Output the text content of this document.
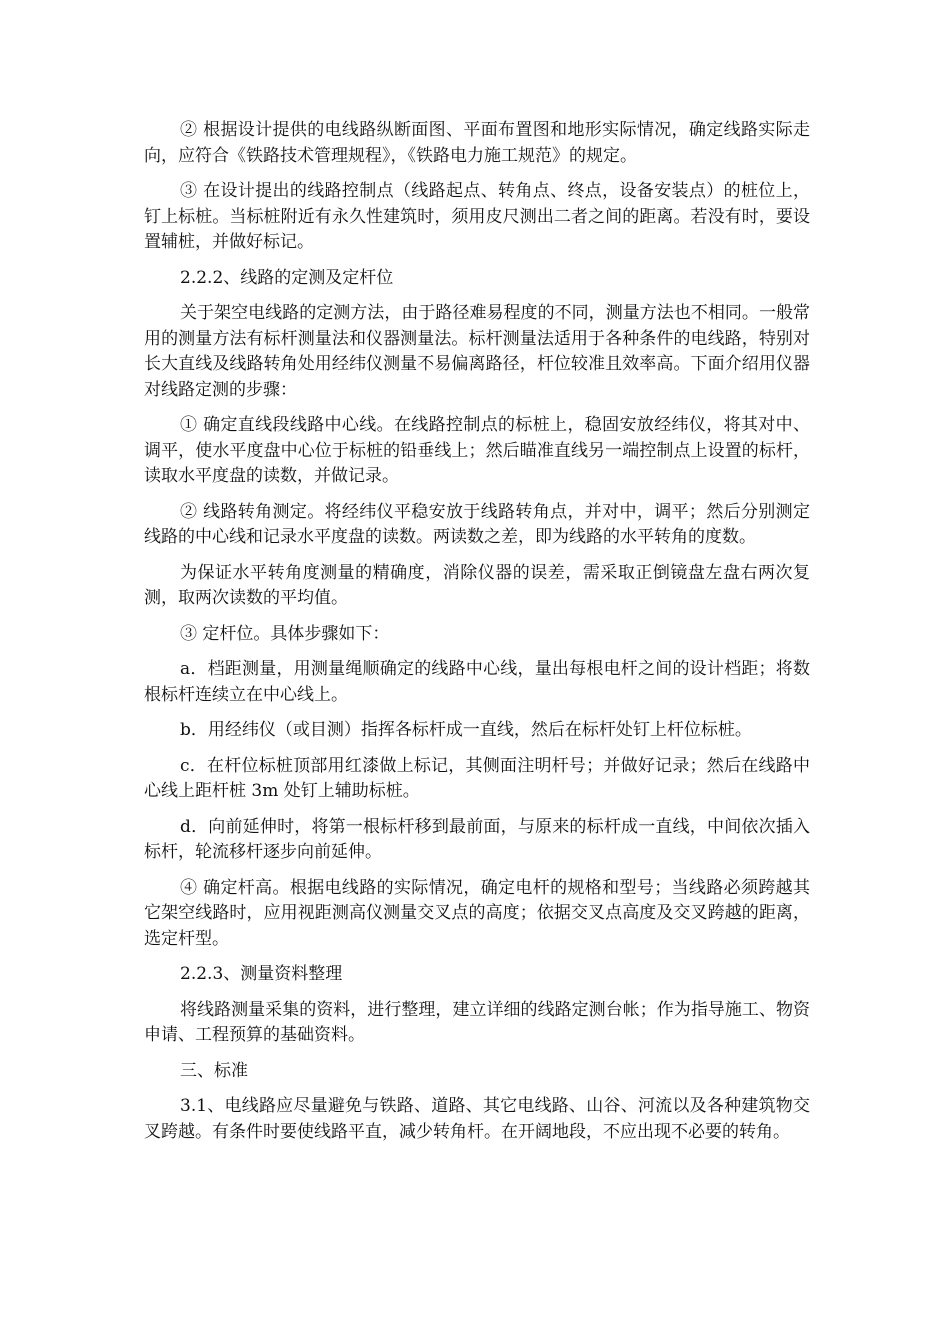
② 根据设计提供的电线路纵断面图、平面布置图和地形实际情况，确定线路实际走向，应符合《铁路技术管理规程》，《铁路电力施工规范》的规定。

③ 在设计提出的线路控制点（线路起点、转角点、终点，设备安装点）的桩位上，钉上标桩。当标桩附近有永久性建筑时，须用皮尺测出二者之间的距离。若没有时，要设置辅桩，并做好标记。

2.2.2、线路的定测及定杆位

关于架空电线路的定测方法，由于路径难易程度的不同，测量方法也不相同。一般常用的测量方法有标杆测量法和仪器测量法。标杆测量法适用于各种条件的电线路，特别对长大直线及线路转角处用经纬仪测量不易偏离路径，杆位较准且效率高。下面介绍用仪器对线路定测的步骤：

① 确定直线段线路中心线。在线路控制点的标桩上，稳固安放经纬仪，将其对中、调平，使水平度盘中心位于标桩的铅垂线上；然后瞄准直线另一端控制点上设置的标杆，读取水平度盘的读数，并做记录。

② 线路转角测定。将经纬仪平稳安放于线路转角点，并对中，调平；然后分别测定线路的中心线和记录水平度盘的读数。两读数之差，即为线路的水平转角的度数。

为保证水平转角度测量的精确度，消除仪器的误差，需采取正倒镜盘左盘右两次复测，取两次读数的平均值。

③ 定杆位。具体步骤如下：

a．档距测量，用测量绳顺确定的线路中心线，量出每根电杆之间的设计档距；将数根标杆连续立在中心线上。

b．用经纬仪（或目测）指挥各标杆成一直线，然后在标杆处钉上杆位标桩。

c．在杆位标桩顶部用红漆做上标记，其侧面注明杆号；并做好记录；然后在线路中心线上距杆桩 3m 处钉上辅助标桩。

d．向前延伸时，将第一根标杆移到最前面，与原来的标杆成一直线，中间依次插入标杆，轮流移杆逐步向前延伸。

④ 确定杆高。根据电线路的实际情况，确定电杆的规格和型号；当线路必须跨越其它架空线路时，应用视距测高仪测量交叉点的高度；依据交叉点高度及交叉跨越的距离，选定杆型。

2.2.3、测量资料整理

将线路测量采集的资料，进行整理，建立详细的线路定测台帐；作为指导施工、物资申请、工程预算的基础资料。

三、标准

3.1、电线路应尽量避免与铁路、道路、其它电线路、山谷、河流以及各种建筑物交叉跨越。有条件时要使线路平直，减少转角杆。在开阔地段，不应出现不必要的转角。
